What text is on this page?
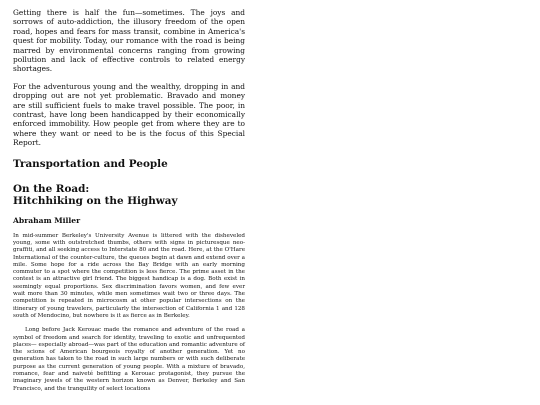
Getting there is half the fun—sometimes. The joys and sorrows of auto-addiction, the illusory freedom of the open road, hopes and fears for mass transit, combine in America's quest for mobility. Today, our romance with the road is being marred by environmental concerns ranging from growing pollution and lack of effective controls to related energy shortages.

For the adventurous young and the wealthy, dropping in and dropping out are not yet problematic. Bravado and money are still sufficient fuels to make travel possible. The poor, in contrast, have long been handicapped by their economically enforced immobility. How people get from where they are to where they want or need to be is the focus of this Special Report.

Transportation and People
On the Road:
Hitchhiking on the Highway
Abraham Miller

In mid-summer Berkeley's University Avenue is littered with the disheveled young, some with outstretched thumbs, others with signs in picturesque neo-graffiti, and all seeking access to Interstate 80 and the road. Here, at the O'Hare International of the counter-culture, the queues begin at dawn and extend over a mile. Some hope for a ride across the Bay Bridge with an early morning commuter to a spot where the competition is less fierce. The prime asset in the contest is an attractive girl friend. The biggest handicap is a dog. Both exist in seemingly equal proportions. Sex discrimination favors women, and few ever wait more than 30 minutes, while men sometimes wait two or three days. The competition is repeated in microcosm at other popular intersections on the itinerary of young travelers, particularly the intersection of California 1 and 128 south of Mendocino, but nowhere is it as fierce as in Berkeley.

Long before Jack Kerouac made the romance and adventure of the road a symbol of freedom and search for identity, traveling to exotic and unfrequented places— especially abroad—was part of the education and romantic adventure of the scions of American bourgeois royalty of another generation. Yet no generation has taken to the road in such large numbers or with such deliberate purpose as the current generation of young people. With a mixture of bravado, romance, fear and naiveté befitting a Kerouac protagonist, they pursue the imaginary jewels of the western horizon known as Denver, Berkeley and San Francisco, and the tranquility of select locations
